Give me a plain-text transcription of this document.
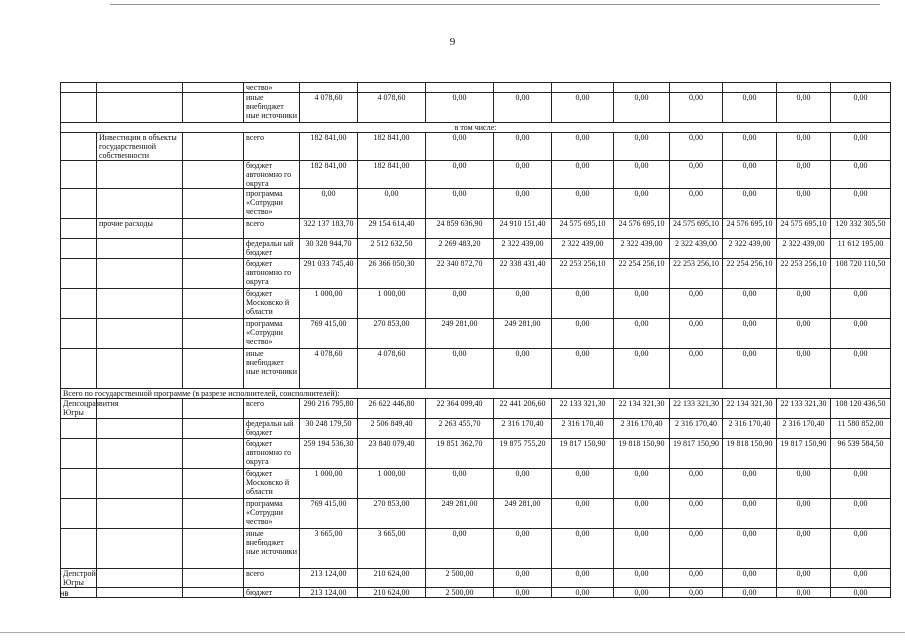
9
			чество»										
			иные внебюджет ные источники	4 078,60	4 078,60	0,00	0,00	0,00	0,00	0,00	0,00	0,00	0,00
в том числе:													
	Инвестиции в объекты государственной собственности		всего	182 841,00	182 841,00	0,00	0,00	0,00	0,00	0,00	0,00	0,00	0,00
			бюджет автономно го округа	182 841,00	182 841,00	0,00	0,00	0,00	0,00	0,00	0,00	0,00	0,00
			программа «Сотрудни чество»	0,00	0,00	0,00	0,00	0,00	0,00	0,00	0,00	0,00	0,00
	прочие расходы		всего	322 137 183,70	29 154 614,40	24 859 636,90	24 910 151,40	24 575 695,10	24 576 695,10	24 575 695,10	24 576 695,10	24 575 695,10	120 332 305,50
			федеральн ый бюджет	30 328 944,70	2 512 632,50	2 269 483,20	2 322 439,00	2 322 439,00	2 322 439,00	2 322 439,00	2 322 439,00	2 322 439,00	11 612 195,00
			бюджет автономно го округа	291 033 745,40	26 366 050,30	22 340 872,70	22 338 431,40	22 253 256,10	22 254 256,10	22 253 256,10	22 254 256,10	22 253 256,10	108 720 110,50
			бюджет Московско й области	1 000,00	1 000,00	0,00	0,00	0,00	0,00	0,00	0,00	0,00	0,00
			программа «Сотрудни чество»	769 415,00	270 853,00	249 281,00	249 281,00	0,00	0,00	0,00	0,00	0,00	0,00
			иные внебюджет ные источники	4 078,60	4 078,60	0,00	0,00	0,00	0,00	0,00	0,00	0,00	0,00
Всего по государственной программе (в разрезе исполнителей, соисполнителей):													
Депсоцразвития Югры			всего	290 216 795,80	26 622 446,80	22 364 099,40	22 441 206,60	22 133 321,30	22 134 321,30	22 133 321,30	22 134 321,30	22 133 321,30	108 120 436,50
			федеральн ый бюджет	30 248 179,50	2 506 849,40	2 263 455,70	2 316 170,40	2 316 170,40	2 316 170,40	2 316 170,40	2 316 170,40	2 316 170,40	11 580 852,00
			бюджет автономно го округа	259 194 536,30	23 840 079,40	19 851 362,70	19 875 755,20	19 817 150,90	19 818 150,90	19 817 150,90	19 818 150,90	19 817 150,90	96 539 584,50
			бюджет Московско й области	1 000,00	1 000,00	0,00	0,00	0,00	0,00	0,00	0,00	0,00	0,00
			программа «Сотрудни чество»	769 415,00	270 853,00	249 281,00	249 281,00	0,00	0,00	0,00	0,00	0,00	0,00
			иные внебюджет ные источники	3 665,00	3 665,00	0,00	0,00	0,00	0,00	0,00	0,00	0,00	0,00
Депстрой Югры			всего	213 124,00	210 624,00	2 500,00	0,00	0,00	0,00	0,00	0,00	0,00	0,00
			бюджет	213 124,00	210 624,00	2 500,00	0,00	0,00	0,00	0,00	0,00	0,00	0,00
нв
